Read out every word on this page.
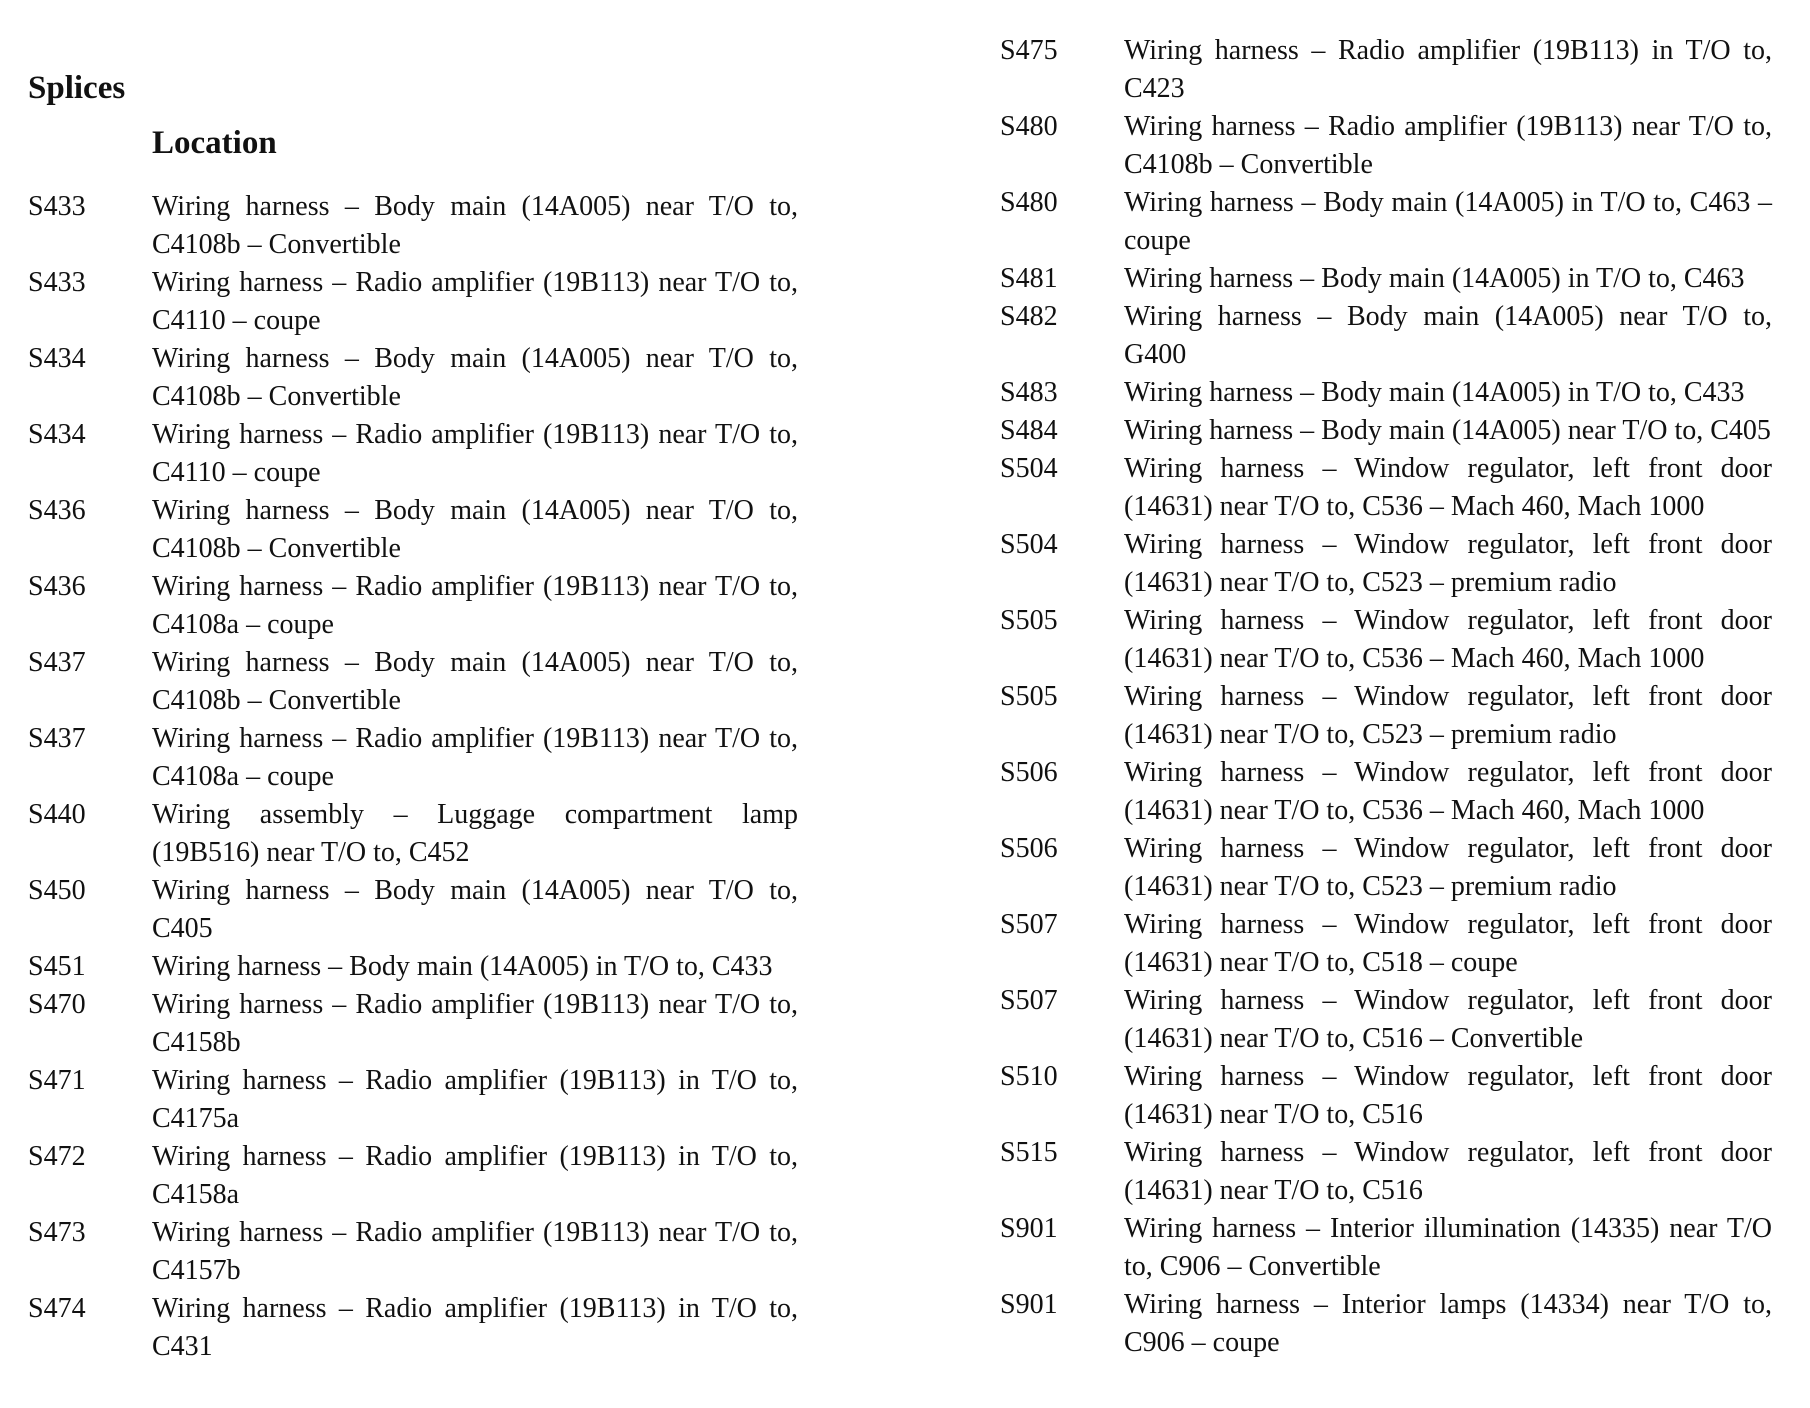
Splices
Location
S433	Wiring harness – Body main (14A005) near T/O to, C4108b – Convertible
S433	Wiring harness – Radio amplifier (19B113) near T/O to, C4110 – coupe
S434	Wiring harness – Body main (14A005) near T/O to, C4108b – Convertible
S434	Wiring harness – Radio amplifier (19B113) near T/O to, C4110 – coupe
S436	Wiring harness – Body main (14A005) near T/O to, C4108b – Convertible
S436	Wiring harness – Radio amplifier (19B113) near T/O to, C4108a – coupe
S437	Wiring harness – Body main (14A005) near T/O to, C4108b – Convertible
S437	Wiring harness – Radio amplifier (19B113) near T/O to, C4108a – coupe
S440	Wiring assembly – Luggage compartment lamp (19B516) near T/O to, C452
S450	Wiring harness – Body main (14A005) near T/O to, C405
S451	Wiring harness – Body main (14A005) in T/O to, C433
S470	Wiring harness – Radio amplifier (19B113) near T/O to, C4158b
S471	Wiring harness – Radio amplifier (19B113) in T/O to, C4175a
S472	Wiring harness – Radio amplifier (19B113) in T/O to, C4158a
S473	Wiring harness – Radio amplifier (19B113) near T/O to, C4157b
S474	Wiring harness – Radio amplifier (19B113) in T/O to, C431
S475	Wiring harness – Radio amplifier (19B113) in T/O to, C423
S480	Wiring harness – Radio amplifier (19B113) near T/O to, C4108b – Convertible
S480	Wiring harness – Body main (14A005) in T/O to, C463 – coupe
S481	Wiring harness – Body main (14A005) in T/O to, C463
S482	Wiring harness – Body main (14A005) near T/O to, G400
S483	Wiring harness – Body main (14A005) in T/O to, C433
S484	Wiring harness – Body main (14A005) near T/O to, C405
S504	Wiring harness – Window regulator, left front door (14631) near T/O to, C536 – Mach 460, Mach 1000
S504	Wiring harness – Window regulator, left front door (14631) near T/O to, C523 – premium radio
S505	Wiring harness – Window regulator, left front door (14631) near T/O to, C536 – Mach 460, Mach 1000
S505	Wiring harness – Window regulator, left front door (14631) near T/O to, C523 – premium radio
S506	Wiring harness – Window regulator, left front door (14631) near T/O to, C536 – Mach 460, Mach 1000
S506	Wiring harness – Window regulator, left front door (14631) near T/O to, C523 – premium radio
S507	Wiring harness – Window regulator, left front door (14631) near T/O to, C518 – coupe
S507	Wiring harness – Window regulator, left front door (14631) near T/O to, C516 – Convertible
S510	Wiring harness – Window regulator, left front door (14631) near T/O to, C516
S515	Wiring harness – Window regulator, left front door (14631) near T/O to, C516
S901	Wiring harness – Interior illumination (14335) near T/O to, C906 – Convertible
S901	Wiring harness – Interior lamps (14334) near T/O to, C906 – coupe
